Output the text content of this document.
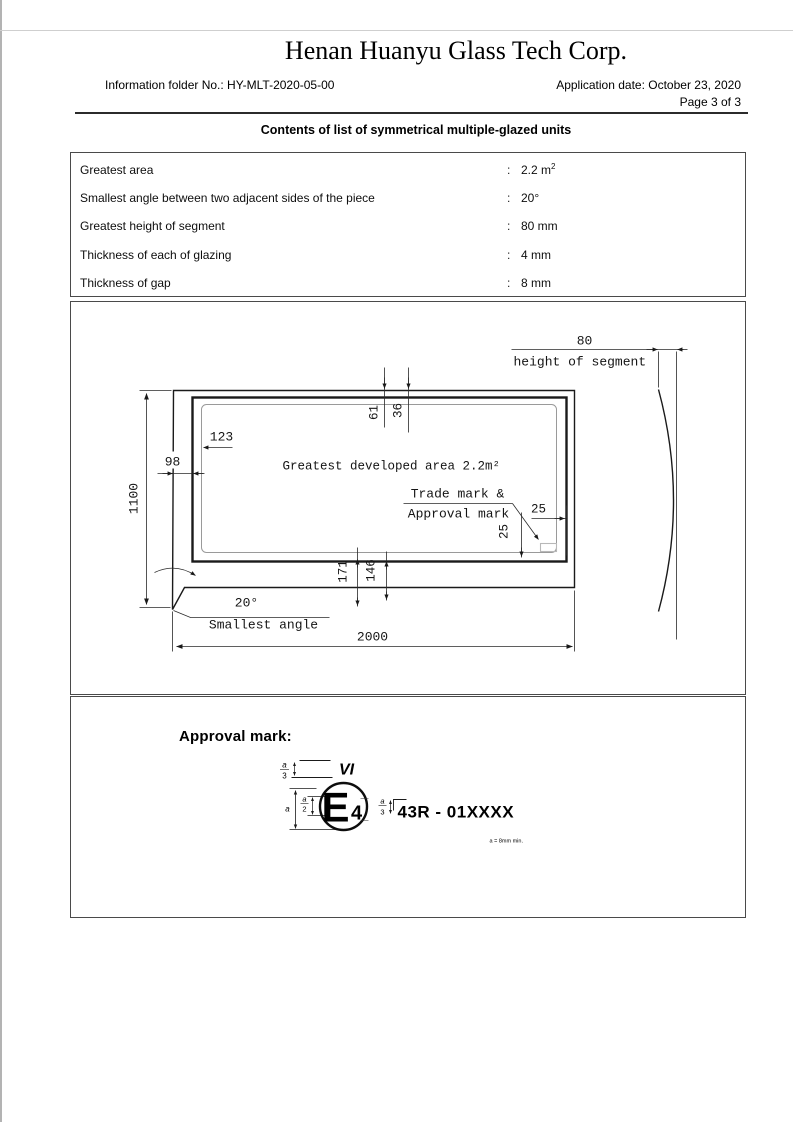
Henan Huanyu Glass Tech Corp.
Information folder No.: HY-MLT-2020-05-00	Application date: October 23, 2020
Page 3 of 3
Contents of list of symmetrical multiple-glazed units
Greatest area	: 2.2 $m^2$
Smallest angle between two adjacent sides of the piece	: 20°
Greatest height of segment	: 80 mm
Thickness of each of glazing	: 4 mm
Thickness of gap	: 8 mm
1100
2000
80
height of segment
61 36
123
98
171 146
20°
Smallest angle
Greatest developed area 2.2m²
Trade mark &
Approval mark 25
25
Approval mark:
a
3	VI
a
a
2 E 4
a
3 43R - 01XXXX
a = 8mm min.
